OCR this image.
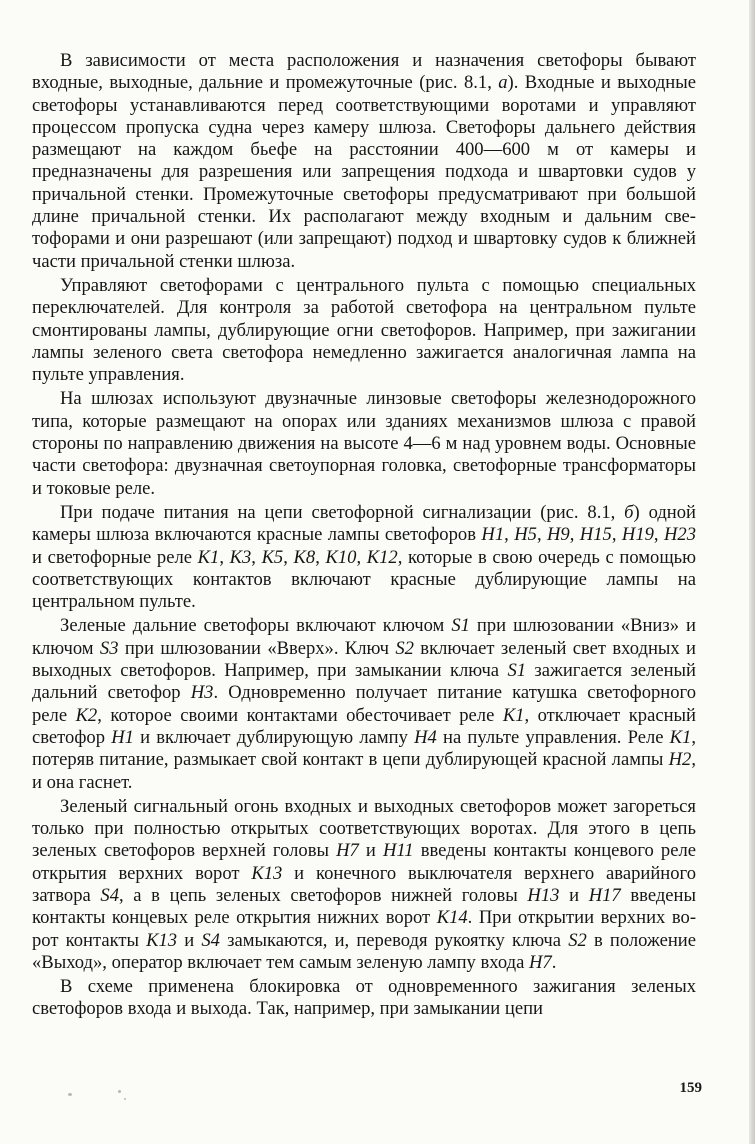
В зависимости от места расположения и назначения светофоры бывают входные, выходные, дальние и промежуточные (рис. 8.1, а). Входные и выходные светофоры устанавливаются перед соответствующими воротами и управляют процессом пропуска судна через камеру шлюза. Светофоры дальнего действия размещают на каждом бьефе на расстоянии 400—600 м от камеры и предназначены для разрешения или запрещения подхода и швартовки судов у причальной стенки. Промежуточные светофоры предусматривают при большой длине причальной стенки. Их располагают между входным и дальним светофорами и они разрешают (или запрещают) подход и швартовку судов к ближней части причальной стенки шлюза.

Управляют светофорами с центрального пульта с помощью специальных переключателей. Для контроля за работой светофора на центральном пульте смонтированы лампы, дублирующие огни светофоров. Например, при зажигании лампы зеленого света светофора немедленно зажигается аналогичная лампа на пульте управления.

На шлюзах используют двузначные линзовые светофоры железнодорожного типа, которые размещают на опорах или зданиях механизмов шлюза с правой стороны по направлению движения на высоте 4—6 м над уровнем воды. Основные части светофора: двузначная светоупорная головка, светофорные трансформаторы и токовые реле.

При подаче питания на цепи светофорной сигнализации (рис. 8.1, б) одной камеры шлюза включаются красные лампы светофоров Н1, Н5, Н9, Н15, Н19, Н23 и светофорные реле К1, К3, К5, К8, К10, К12, которые в свою очередь с помощью соответствующих контактов включают красные дублирующие лампы на центральном пульте.

Зеленые дальние светофоры включают ключом S1 при шлюзовании «Вниз» и ключом S3 при шлюзовании «Вверх». Ключ S2 включает зеленый свет входных и выходных светофоров. Например, при замыкании ключа S1 зажигается зеленый дальний светофор Н3. Одновременно получает питание катушка светофорного реле К2, которое своими контактами обесточивает реле К1, отключает красный светофор Н1 и включает дублирующую лампу Н4 на пульте управления. Реле К1, потеряв питание, размыкает свой контакт в цепи дублирующей красной лампы Н2, и она гаснет.

Зеленый сигнальный огонь входных и выходных светофоров может загореться только при полностью открытых соответствующих воротах. Для этого в цепь зеленых светофоров верхней головы Н7 и Н11 введены контакты концевого реле открытия верхних ворот К13 и конечного выключателя верхнего аварийного затвора S4, а в цепь зеленых светофоров нижней головы Н13 и Н17 введены контакты концевых реле открытия нижних ворот К14. При открытии верхних ворот контакты К13 и S4 замыкаются, и, переводя рукоятку ключа S2 в положение «Выход», оператор включает тем самым зеленую лампу входа Н7.

В схеме применена блокировка от одновременного зажигания зеленых светофоров входа и выхода. Так, например, при замыкании цепи

159
